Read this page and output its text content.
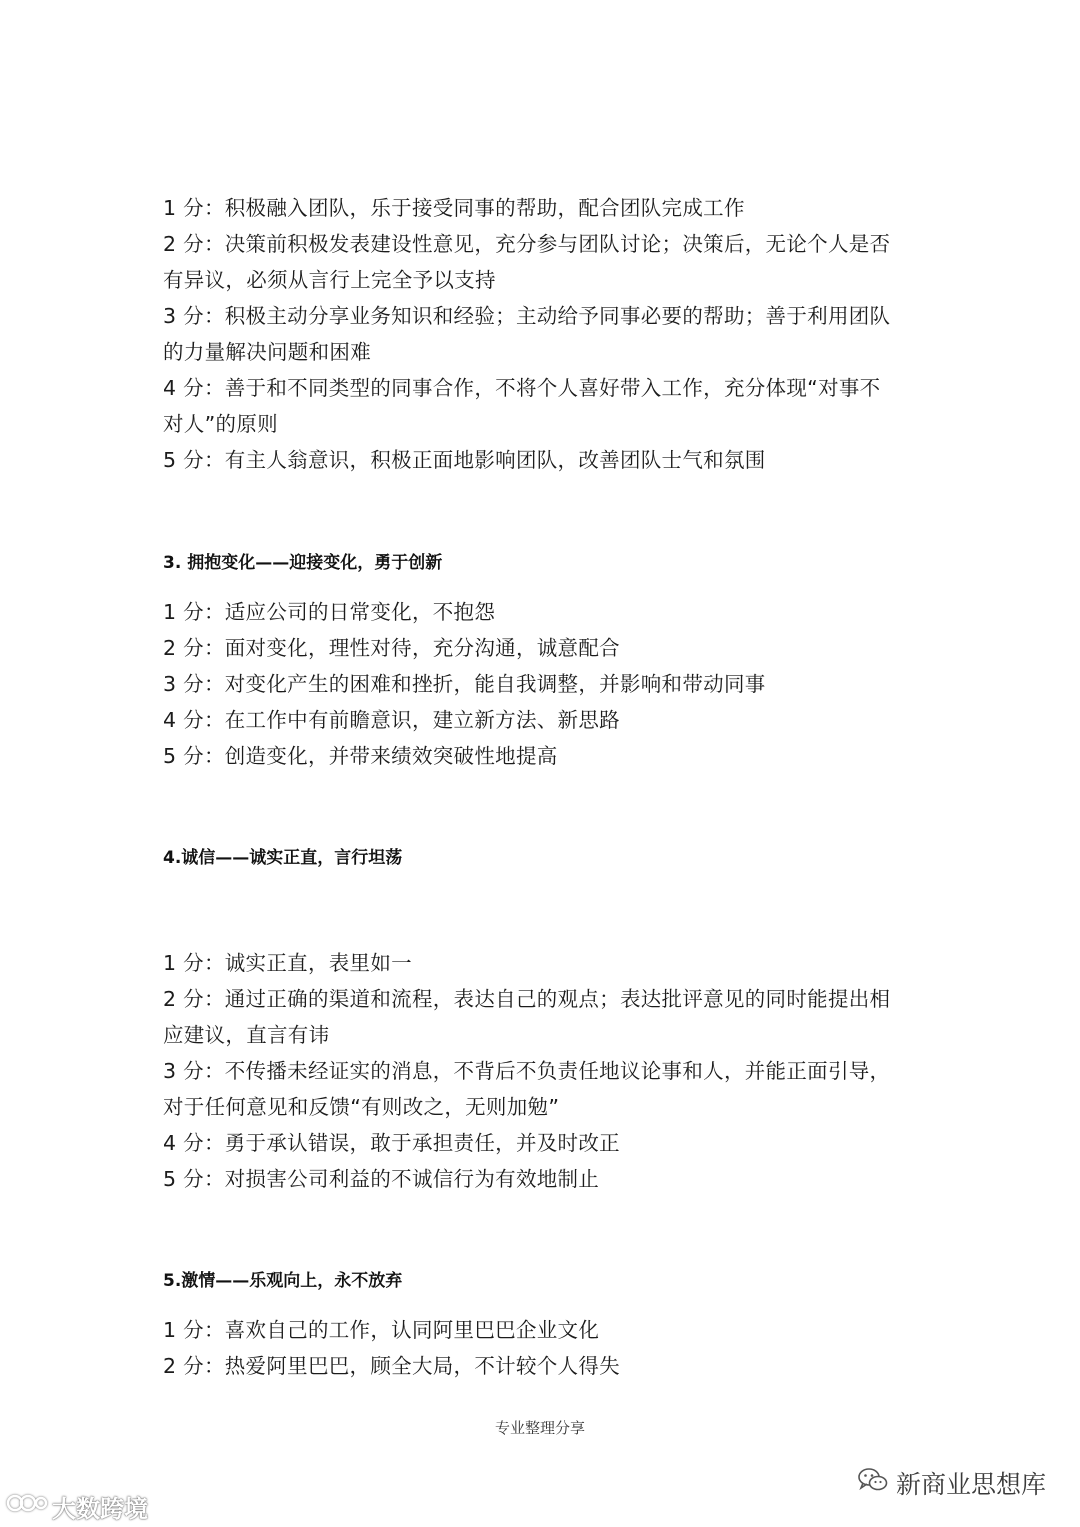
1 分：积极融入团队，乐于接受同事的帮助，配合团队完成工作
2 分：决策前积极发表建设性意见，充分参与团队讨论；决策后，无论个人是否
有异议，必须从言行上完全予以支持
3 分：积极主动分享业务知识和经验；主动给予同事必要的帮助；善于利用团队
的力量解决问题和困难
4 分：善于和不同类型的同事合作，不将个人喜好带入工作，充分体现“对事不
对人”的原则
5 分：有主人翁意识，积极正面地影响团队，改善团队士气和氛围
3. 拥抱变化——迎接变化，勇于创新
1 分：适应公司的日常变化，不抱怨
2 分：面对变化，理性对待，充分沟通，诚意配合
3 分：对变化产生的困难和挫折，能自我调整，并影响和带动同事
4 分：在工作中有前瞻意识，建立新方法、新思路
5 分：创造变化，并带来绩效突破性地提高
4.诚信——诚实正直，言行坦荡
1 分：诚实正直，表里如一
2 分：通过正确的渠道和流程，表达自己的观点；表达批评意见的同时能提出相
应建议，直言有讳
3 分：不传播未经证实的消息，不背后不负责任地议论事和人，并能正面引导，
对于任何意见和反馈“有则改之，无则加勉”
4 分：勇于承认错误，敢于承担责任，并及时改正
5 分：对损害公司利益的不诚信行为有效地制止
5.激情——乐观向上，永不放弃
1 分：喜欢自己的工作，认同阿里巴巴企业文化
2 分：热爱阿里巴巴，顾全大局，不计较个人得失
专业整理分享
新商业思想库
大数跨境
